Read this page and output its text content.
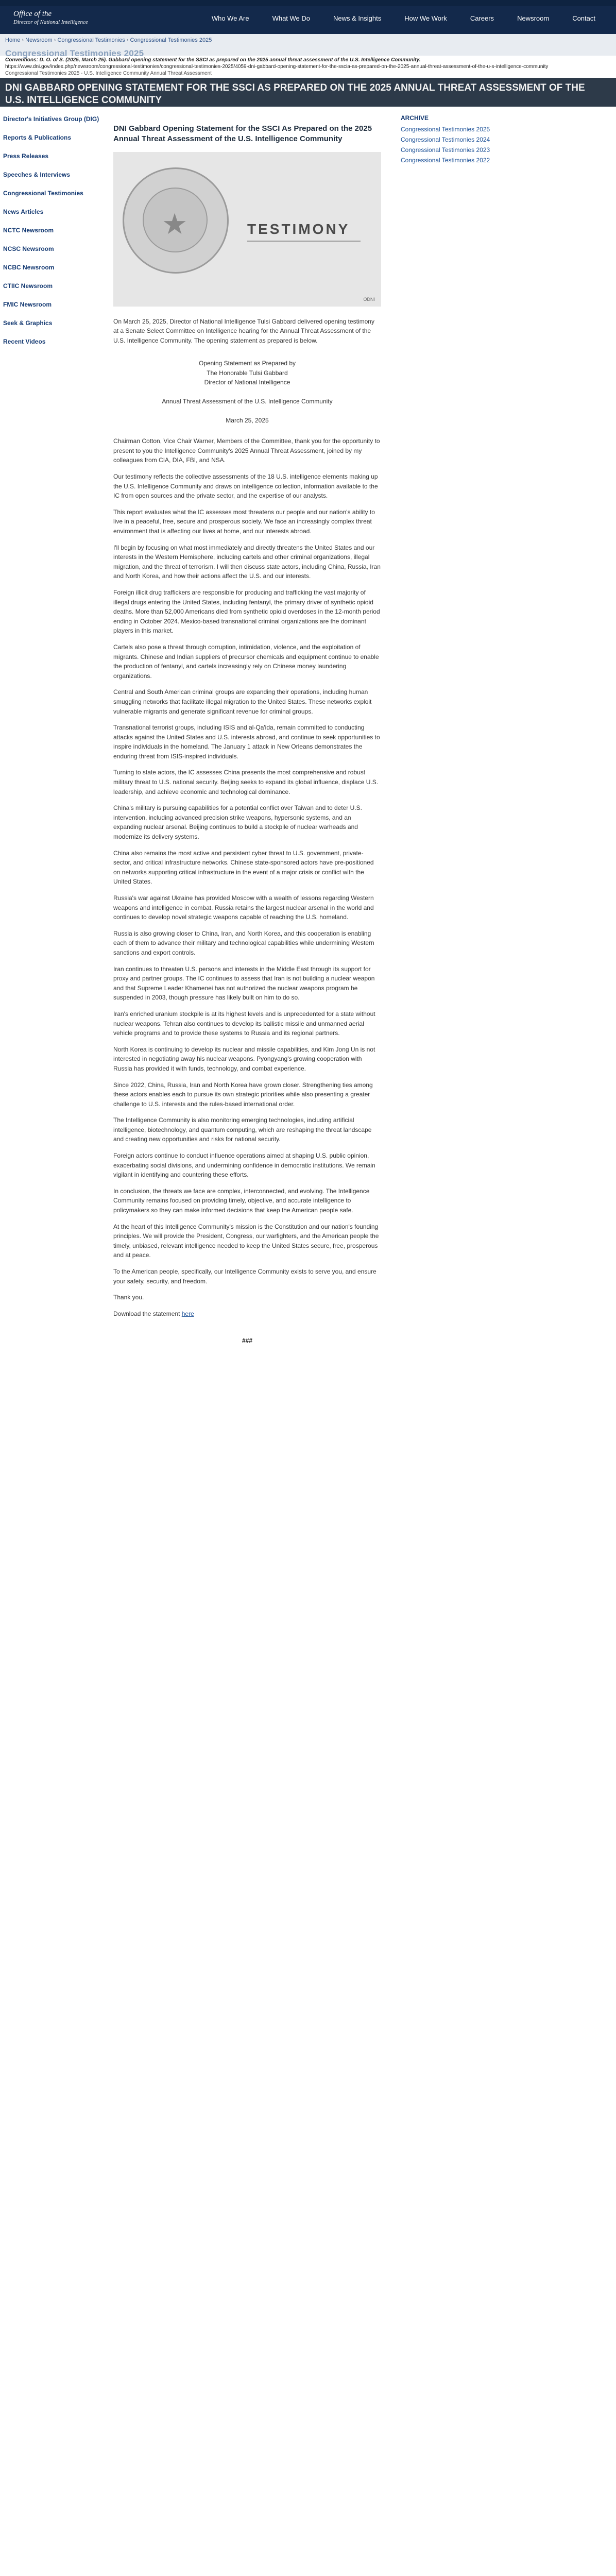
Office of the
Director of National Intelligence	Who We Are	What We Do	News & Insights	How We Work	Careers	Newsroom	Contact
Home › Newsroom › Congressional Testimonies › Congressional Testimonies 2025
Congressional Testimonies 2025
Conventions: D. O. of S. (2025, March 25). Gabbard opening statement for the SSCI as prepared on the 2025 annual threat assessment of the U.S. Intelligence Community.
https://www.dni.gov/index.php/newsroom/congressional-testimonies/congressional-testimonies-2025/4059-dni-gabbard-opening-statement-for-the-sscia-as-prepared-on-the-2025-annual-threat-assessment-of-the-u-s-intelligence-community
Congressional Testimonies 2025 - U.S. Intelligence Community Annual Threat Assessment
DNI GABBARD OPENING STATEMENT FOR THE SSCI AS PREPARED ON THE 2025 ANNUAL THREAT ASSESSMENT OF THE U.S. INTELLIGENCE COMMUNITY
Director's Initiatives Group (DIG)
Reports & Publications
Press Releases
Speeches & Interviews
Congressional Testimonies
News Articles
NCTC Newsroom
NCSC Newsroom
NCBC Newsroom
CTIIC Newsroom
FMIC Newsroom
Seek & Graphics
Recent Videos
DNI Gabbard Opening Statement for the SSCI As Prepared on the 2025 Annual Threat Assessment of the U.S. Intelligence Community
★	TESTIMONY
ODNI

On March 25, 2025, Director of National Intelligence Tulsi Gabbard delivered opening testimony at a Senate Select Committee on Intelligence hearing for the Annual Threat Assessment of the U.S. Intelligence Community. The opening statement as prepared is below.

Opening Statement as Prepared by

The Honorable Tulsi Gabbard

Director of National Intelligence

Annual Threat Assessment of the U.S. Intelligence Community

March 25, 2025

Chairman Cotton, Vice Chair Warner, Members of the Committee, thank you for the opportunity to present to you the Intelligence Community's 2025 Annual Threat Assessment, joined by my colleagues from CIA, DIA, FBI, and NSA.

Our testimony reflects the collective assessments of the 18 U.S. intelligence elements making up the U.S. Intelligence Community and draws on intelligence collection, information available to the IC from open sources and the private sector, and the expertise of our analysts.

This report evaluates what the IC assesses most threatens our people and our nation's ability to live in a peaceful, free, secure and prosperous society. We face an increasingly complex threat environment that is affecting our lives at home, and our interests abroad.

I'll begin by focusing on what most immediately and directly threatens the United States and our interests in the Western Hemisphere, including cartels and other criminal organizations, illegal migration, and the threat of terrorism. I will then discuss state actors, including China, Russia, Iran and North Korea, and how their actions affect the U.S. and our interests.

Foreign illicit drug traffickers are responsible for producing and trafficking the vast majority of illegal drugs entering the United States, including fentanyl, the primary driver of synthetic opioid deaths. More than 52,000 Americans died from synthetic opioid overdoses in the 12-month period ending in October 2024. Mexico-based transnational criminal organizations are the dominant players in this market.

Cartels also pose a threat through corruption, intimidation, violence, and the exploitation of migrants. Chinese and Indian suppliers of precursor chemicals and equipment continue to enable the production of fentanyl, and cartels increasingly rely on Chinese money laundering organizations.

Central and South American criminal groups are expanding their operations, including human smuggling networks that facilitate illegal migration to the United States. These networks exploit vulnerable migrants and generate significant revenue for criminal groups.

Transnational terrorist groups, including ISIS and al-Qa'ida, remain committed to conducting attacks against the United States and U.S. interests abroad, and continue to seek opportunities to inspire individuals in the homeland. The January 1 attack in New Orleans demonstrates the enduring threat from ISIS-inspired individuals.

Turning to state actors, the IC assesses China presents the most comprehensive and robust military threat to U.S. national security. Beijing seeks to expand its global influence, displace U.S. leadership, and achieve economic and technological dominance.

China's military is pursuing capabilities for a potential conflict over Taiwan and to deter U.S. intervention, including advanced precision strike weapons, hypersonic systems, and an expanding nuclear arsenal. Beijing continues to build a stockpile of nuclear warheads and modernize its delivery systems.

China also remains the most active and persistent cyber threat to U.S. government, private-sector, and critical infrastructure networks. Chinese state-sponsored actors have pre-positioned on networks supporting critical infrastructure in the event of a major crisis or conflict with the United States.

Russia's war against Ukraine has provided Moscow with a wealth of lessons regarding Western weapons and intelligence in combat. Russia retains the largest nuclear arsenal in the world and continues to develop novel strategic weapons capable of reaching the U.S. homeland.

Russia is also growing closer to China, Iran, and North Korea, and this cooperation is enabling each of them to advance their military and technological capabilities while undermining Western sanctions and export controls.

Iran continues to threaten U.S. persons and interests in the Middle East through its support for proxy and partner groups. The IC continues to assess that Iran is not building a nuclear weapon and that Supreme Leader Khamenei has not authorized the nuclear weapons program he suspended in 2003, though pressure has likely built on him to do so.

Iran's enriched uranium stockpile is at its highest levels and is unprecedented for a state without nuclear weapons. Tehran also continues to develop its ballistic missile and unmanned aerial vehicle programs and to provide these systems to Russia and its regional partners.

North Korea is continuing to develop its nuclear and missile capabilities, and Kim Jong Un is not interested in negotiating away his nuclear weapons. Pyongyang's growing cooperation with Russia has provided it with funds, technology, and combat experience.

Since 2022, China, Russia, Iran and North Korea have grown closer. Strengthening ties among these actors enables each to pursue its own strategic priorities while also presenting a greater challenge to U.S. interests and the rules-based international order.

The Intelligence Community is also monitoring emerging technologies, including artificial intelligence, biotechnology, and quantum computing, which are reshaping the threat landscape and creating new opportunities and risks for national security.

Foreign actors continue to conduct influence operations aimed at shaping U.S. public opinion, exacerbating social divisions, and undermining confidence in democratic institutions. We remain vigilant in identifying and countering these efforts.

In conclusion, the threats we face are complex, interconnected, and evolving. The Intelligence Community remains focused on providing timely, objective, and accurate intelligence to policymakers so they can make informed decisions that keep the American people safe.

At the heart of this Intelligence Community's mission is the Constitution and our nation's founding principles. We will provide the President, Congress, our warfighters, and the American people the timely, unbiased, relevant intelligence needed to keep the United States secure, free, prosperous and at peace.

To the American people, specifically, our Intelligence Community exists to serve you, and ensure your safety, security, and freedom.

Thank you.

Download the statement here

###

ARCHIVE
Congressional Testimonies 2025
Congressional Testimonies 2024
Congressional Testimonies 2023
Congressional Testimonies 2022
